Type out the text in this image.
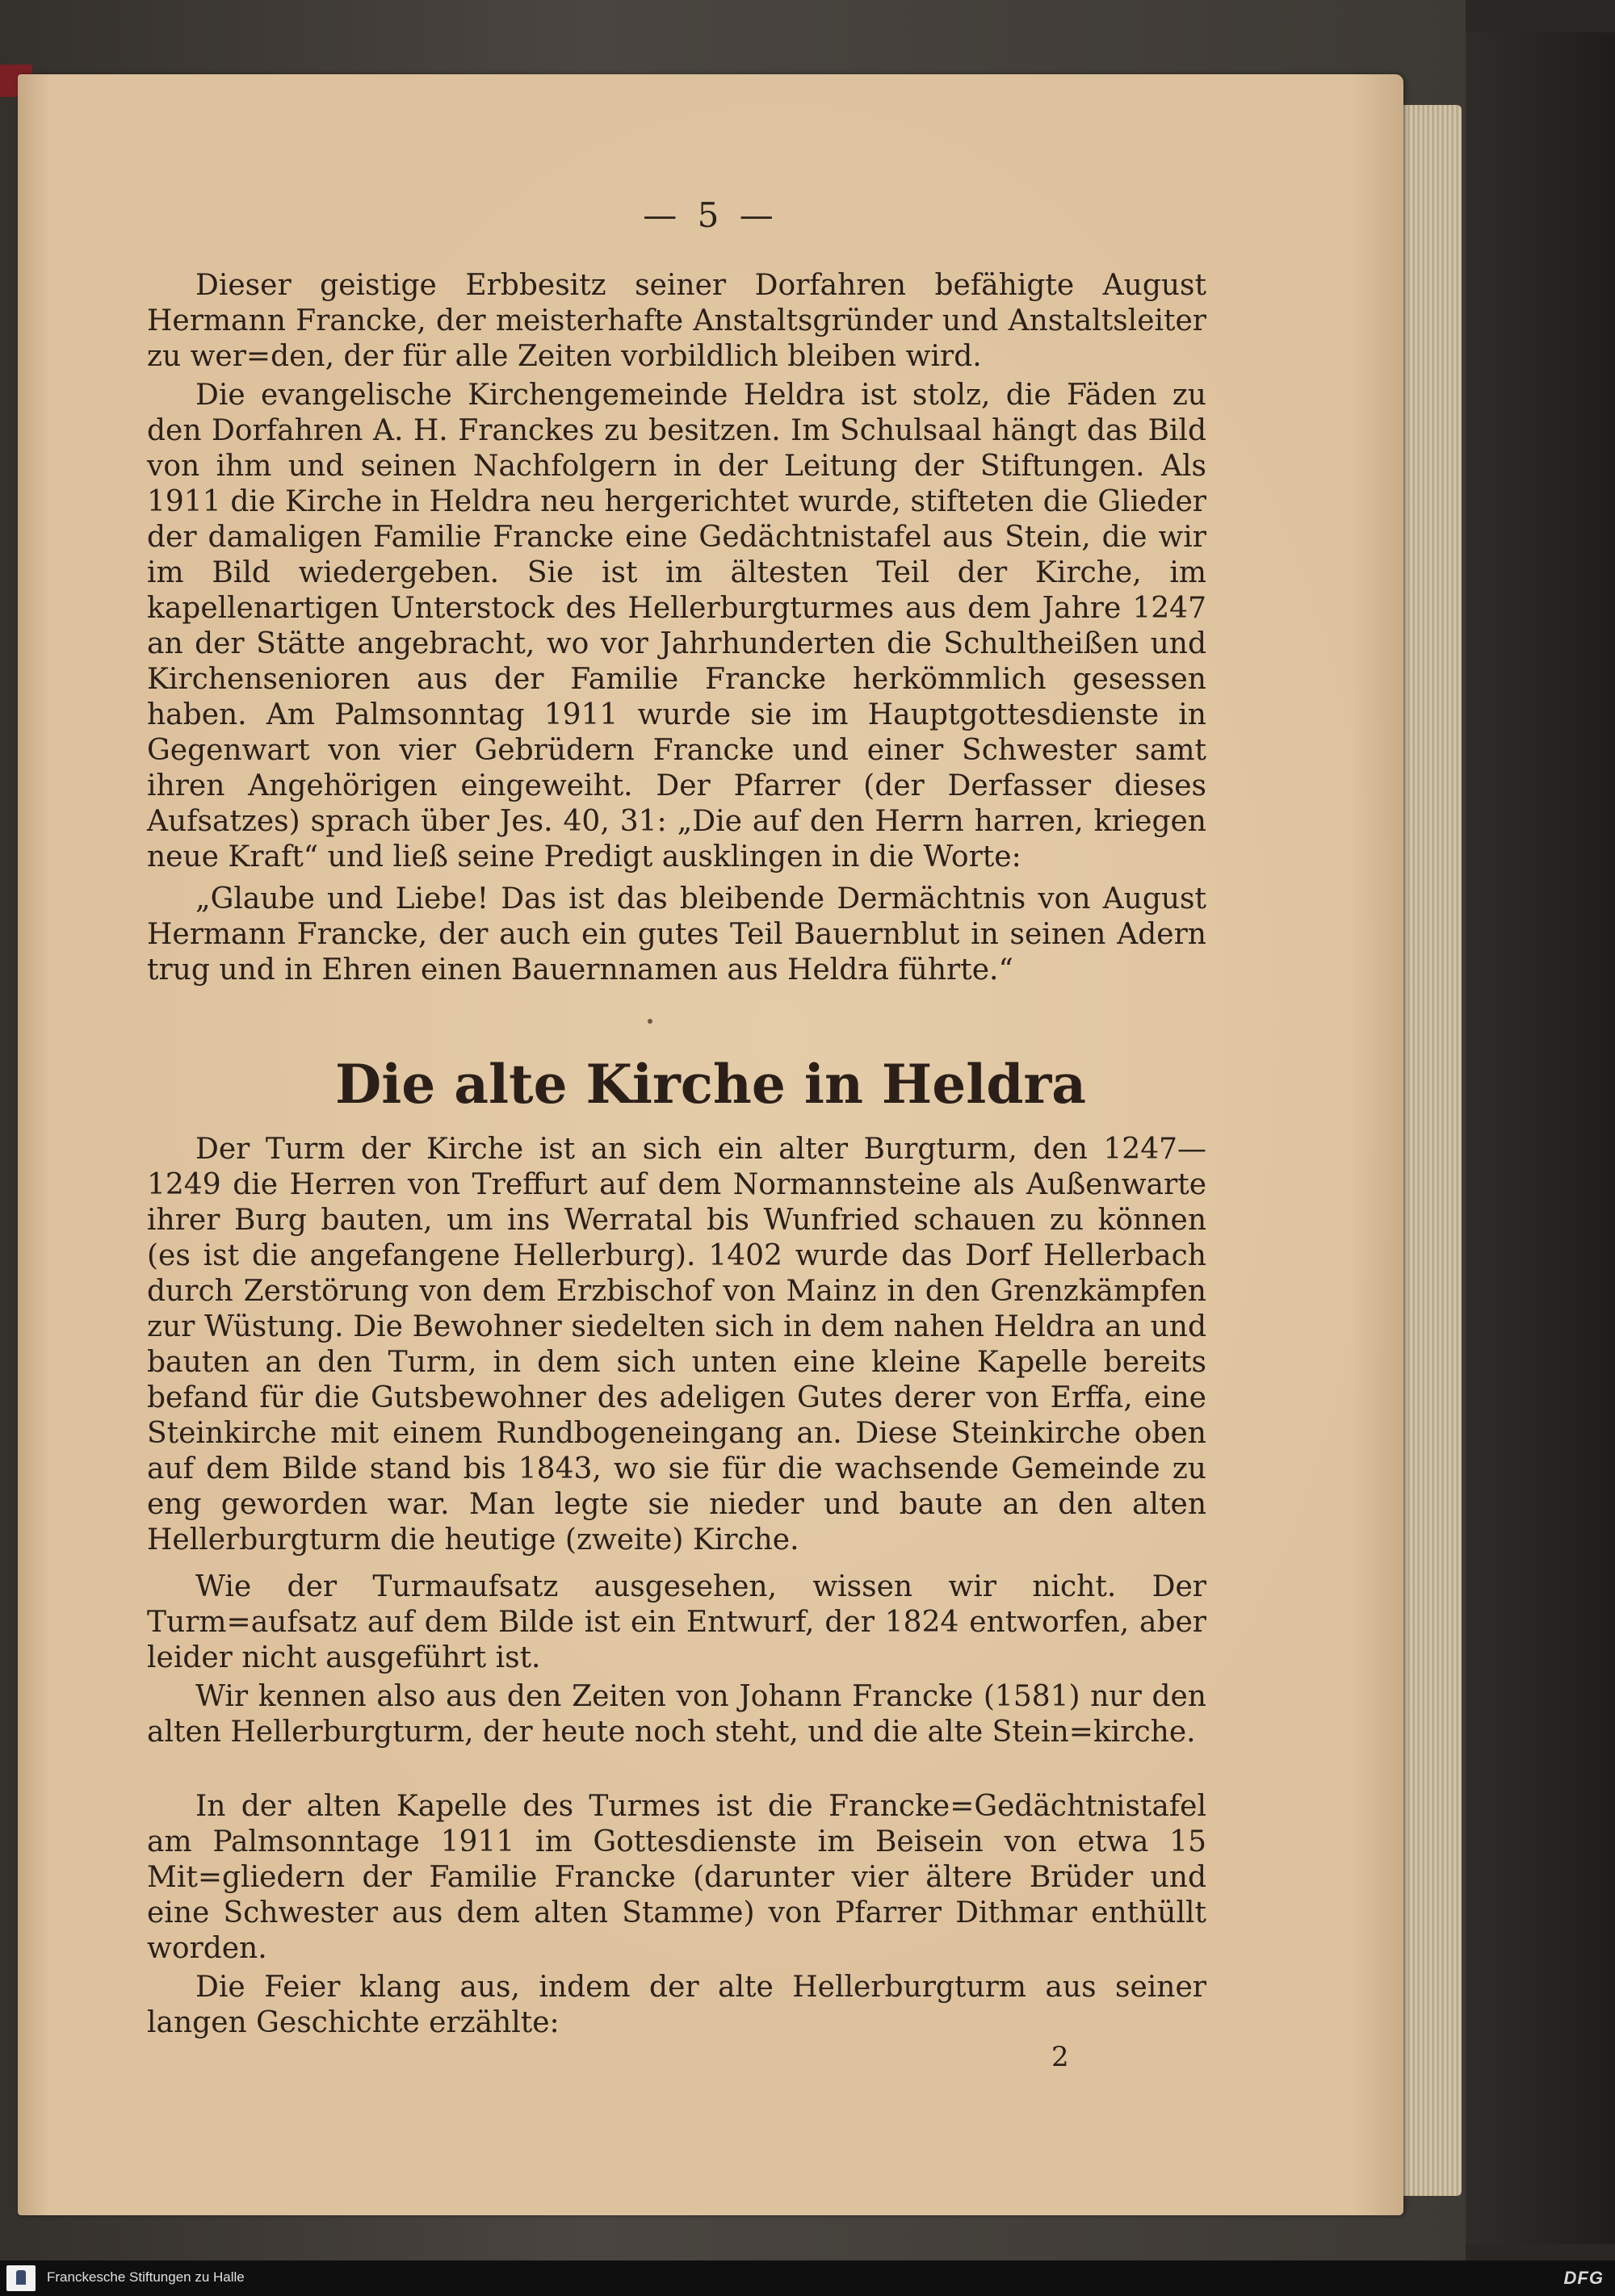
— 5 —

Dieser geistige Erbbesitz seiner Dorfahren befähigte August Hermann Francke, der meisterhafte Anstaltsgründer und Anstaltsleiter zu wer=den, der für alle Zeiten vorbildlich bleiben wird.

Die evangelische Kirchengemeinde Heldra ist stolz, die Fäden zu den Dorfahren A. H. Franckes zu besitzen. Im Schulsaal hängt das Bild von ihm und seinen Nachfolgern in der Leitung der Stiftungen. Als 1911 die Kirche in Heldra neu hergerichtet wurde, stifteten die Glieder der damaligen Familie Francke eine Gedächtnistafel aus Stein, die wir im Bild wiedergeben. Sie ist im ältesten Teil der Kirche, im kapellenartigen Unterstock des Hellerburgturmes aus dem Jahre 1247 an der Stätte angebracht, wo vor Jahrhunderten die Schultheißen und Kirchensenioren aus der Familie Francke herkömmlich gesessen haben. Am Palmsonntag 1911 wurde sie im Hauptgottesdienste in Gegenwart von vier Gebrüdern Francke und einer Schwester samt ihren Angehörigen eingeweiht. Der Pfarrer (der Derfasser dieses Aufsatzes) sprach über Jes. 40, 31: „Die auf den Herrn harren, kriegen neue Kraft“ und ließ seine Predigt ausklingen in die Worte:

„Glaube und Liebe! Das ist das bleibende Dermächtnis von August Hermann Francke, der auch ein gutes Teil Bauernblut in seinen Adern trug und in Ehren einen Bauernnamen aus Heldra führte.“

Die alte Kirche in Heldra

Der Turm der Kirche ist an sich ein alter Burgturm, den 1247—1249 die Herren von Treffurt auf dem Normannsteine als Außenwarte ihrer Burg bauten, um ins Werratal bis Wunfried schauen zu können (es ist die angefangene Hellerburg). 1402 wurde das Dorf Hellerbach durch Zerstörung von dem Erzbischof von Mainz in den Grenzkämpfen zur Wüstung. Die Bewohner siedelten sich in dem nahen Heldra an und bauten an den Turm, in dem sich unten eine kleine Kapelle bereits befand für die Gutsbewohner des adeligen Gutes derer von Erffa, eine Steinkirche mit einem Rundbogeneingang an. Diese Steinkirche oben auf dem Bilde stand bis 1843, wo sie für die wachsende Gemeinde zu eng geworden war. Man legte sie nieder und baute an den alten Hellerburgturm die heutige (zweite) Kirche.

Wie der Turmaufsatz ausgesehen, wissen wir nicht. Der Turm=aufsatz auf dem Bilde ist ein Entwurf, der 1824 entworfen, aber leider nicht ausgeführt ist.

Wir kennen also aus den Zeiten von Johann Francke (1581) nur den alten Hellerburgturm, der heute noch steht, und die alte Stein=kirche.

In der alten Kapelle des Turmes ist die Francke=Gedächtnistafel am Palmsonntage 1911 im Gottesdienste im Beisein von etwa 15 Mit=gliedern der Familie Francke (darunter vier ältere Brüder und eine Schwester aus dem alten Stamme) von Pfarrer Dithmar enthüllt worden.

Die Feier klang aus, indem der alte Hellerburgturm aus seiner langen Geschichte erzählte:

2
Franckesche Stiftungen zu Halle	DFG
